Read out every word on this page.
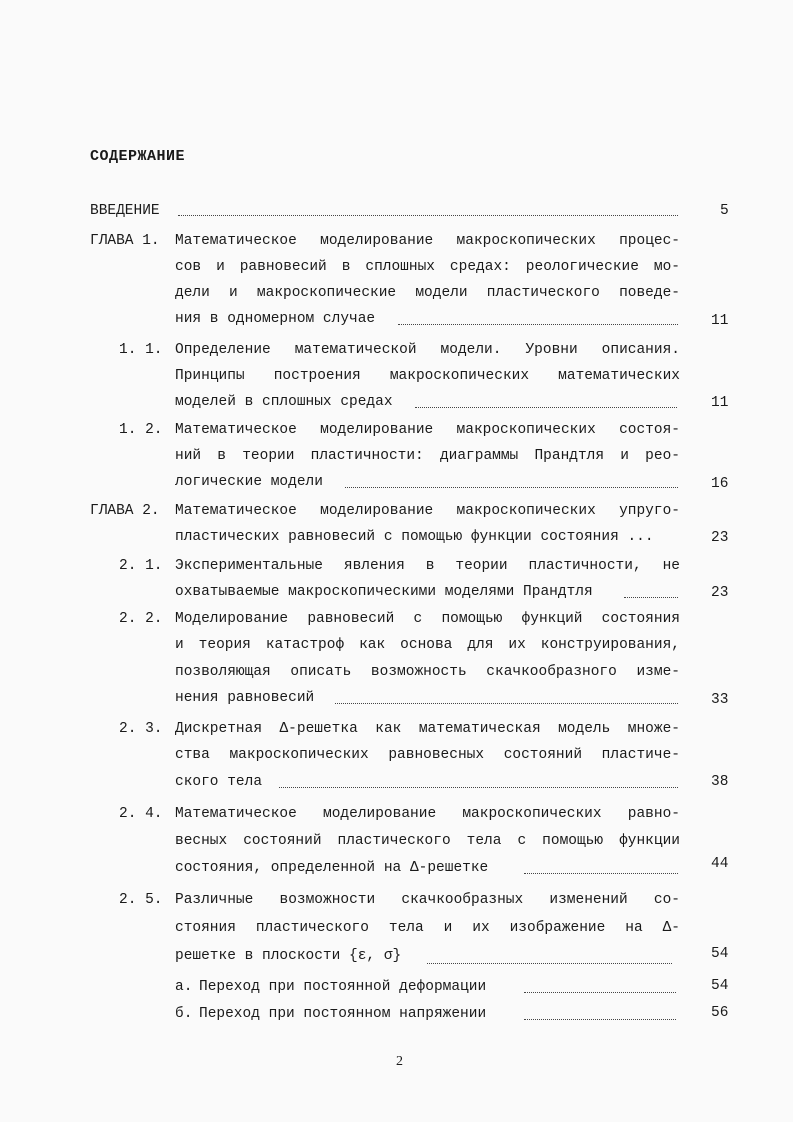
СОДЕРЖАНИЕ
ВВЕДЕНИЕ	5
ГЛАВА 1. Математическое моделирование макроскопических процес-
сов и равновесий в сплошных средах: реологические мо-
дели и макроскопические модели пластического поведе-
ния в одномерном случае	11
1. 1. Определение математической модели. Уровни описания.
Принципы построения макроскопических математических
моделей в сплошных средах	11
1. 2. Математическое моделирование макроскопических состоя-
ний в теории пластичности: диаграммы Прандтля и рео-
логические модели	16
ГЛАВА 2. Математическое моделирование макроскопических упруго-
пластических равновесий с помощью функции состояния ...	23
2. 1. Экспериментальные явления в теории пластичности, не
охватываемые макроскопическими моделями Прандтля	23
2. 2. Моделирование равновесий с помощью функций состояния
и теория катастроф как основа для их конструирования,
позволяющая описать возможность скачкообразного изме-
нения равновесий	33
2. 3. Дискретная Δ-решетка как математическая модель множе-
ства макроскопических равновесных состояний пластиче-
ского тела	38
2. 4. Математическое моделирование макроскопических равно-
весных состояний пластического тела с помощью функции
состояния, определенной на Δ-решетке	44
2. 5. Различные возможности скачкообразных изменений со-
стояния пластического тела и их изображение на Δ-
решетке в плоскости {ε, σ}	54
а. Переход при постоянной деформации	54
б. Переход при постоянном напряжении	56
2
